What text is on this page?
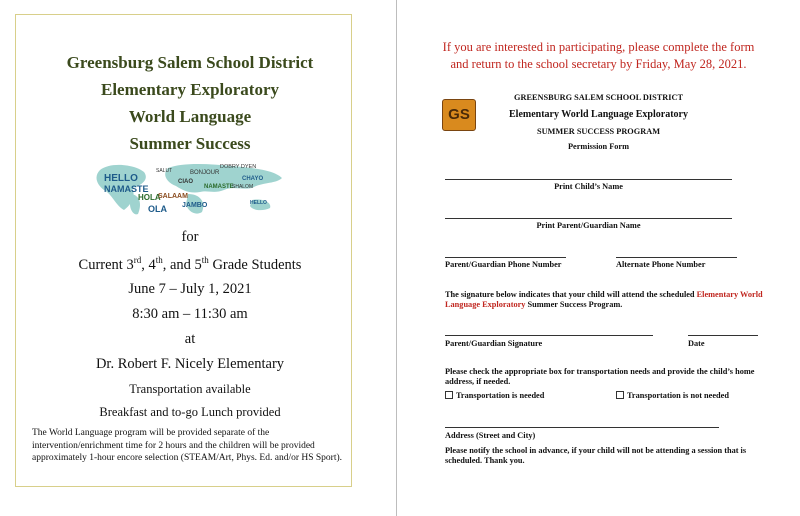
Greensburg Salem School District
Elementary Exploratory
World Language
Summer Success
HELLO
NAMASTE
HOLA
OLA
SALAAM
JAMBO
CIAO
NAMASTE
BONJOUR
DOBRY DYEN
SALUT
CHAYO
SHALOM
HELLO
for
Current 3rd, 4th, and 5th Grade Students
June 7 – July 1, 2021
8:30 am – 11:30 am
at
Dr. Robert F. Nicely Elementary
Transportation available
Breakfast and to-go Lunch provided
The World Language program will be provided separate of the intervention/enrichment time for 2 hours and the children will be provided approximately 1-hour encore selection (STEAM/Art, Phys. Ed. and/or HS Sport).
If you are interested in participating, please complete the form
and return to the school secretary by Friday, May 28, 2021.
GS
GREENSBURG SALEM SCHOOL DISTRICT
Elementary World Language Exploratory
SUMMER SUCCESS PROGRAM
Permission Form
Print Child’s Name
Print Parent/Guardian Name
Parent/Guardian Phone Number	Alternate Phone Number
The signature below indicates that your child will attend the scheduled Elementary World Language Exploratory Summer Success Program.
Parent/Guardian Signature	Date
Please check the appropriate box for transportation needs and provide the child’s home address, if needed.
Transportation is needed	Transportation is not needed
Address (Street and City)
Please notify the school in advance, if your child will not be attending a session that is scheduled. Thank you.
